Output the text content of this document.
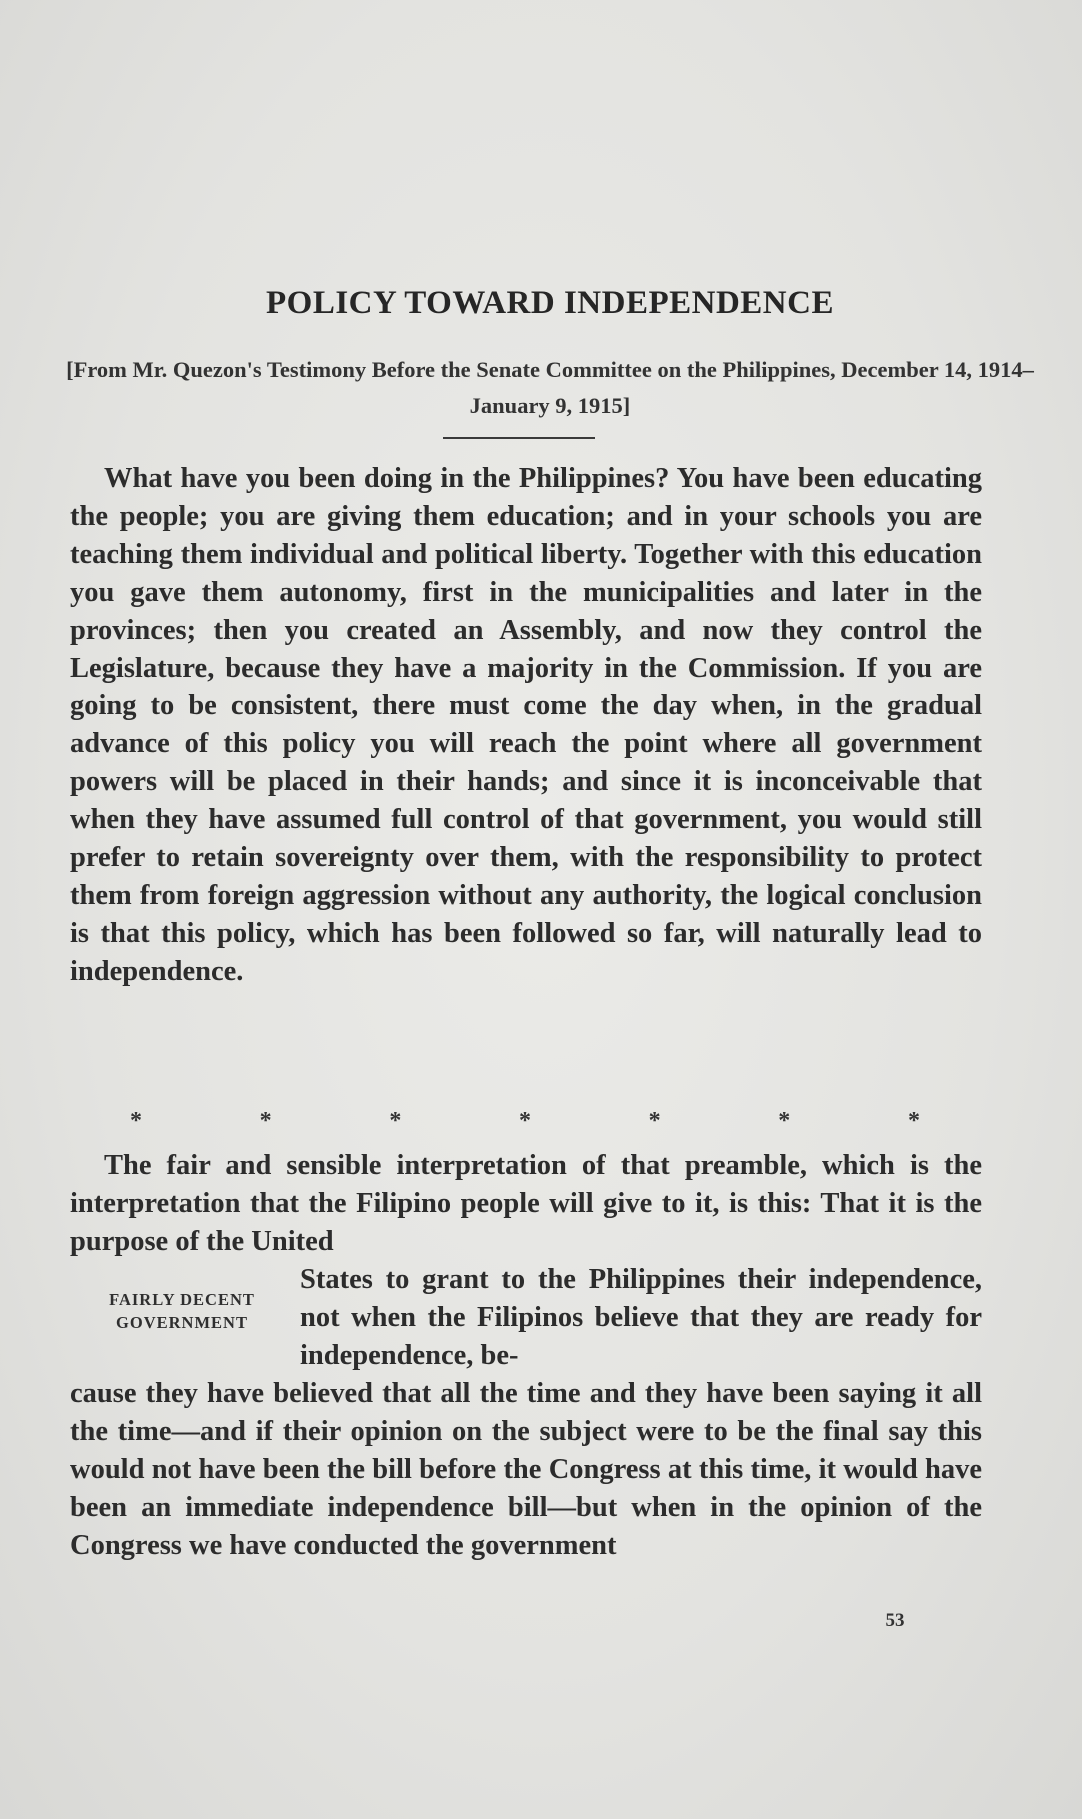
POLICY TOWARD INDEPENDENCE
[From Mr. Quezon's Testimony Before the Senate Committee on the Philippines, December 14, 1914–January 9, 1915]

What have you been doing in the Philippines? You have been educating the people; you are giving them education; and in your schools you are teaching them individual and political liberty. Together with this education you gave them autonomy, first in the municipalities and later in the provinces; then you created an Assembly, and now they control the Legislature, because they have a majority in the Commission. If you are going to be consistent, there must come the day when, in the gradual advance of this policy you will reach the point where all government powers will be placed in their hands; and since it is inconceivable that when they have assumed full control of that government, you would still prefer to retain sovereignty over them, with the responsibility to protect them from foreign aggression without any authority, the logical conclusion is that this policy, which has been followed so far, will naturally lead to independence.

*	*	*	*	*	*	*

The fair and sensible interpretation of that preamble, which is the interpretation that the Filipino people will give to it, is this: That it is the purpose of the United

FAIRLY DECENT
GOVERNMENT

States to grant to the Philippines their independence, not when the Filipinos believe that they are ready for independence, be-

cause they have believed that all the time and they have been saying it all the time—and if their opinion on the subject were to be the final say this would not have been the bill before the Congress at this time, it would have been an immediate independence bill—but when in the opinion of the Congress we have conducted the government

53
